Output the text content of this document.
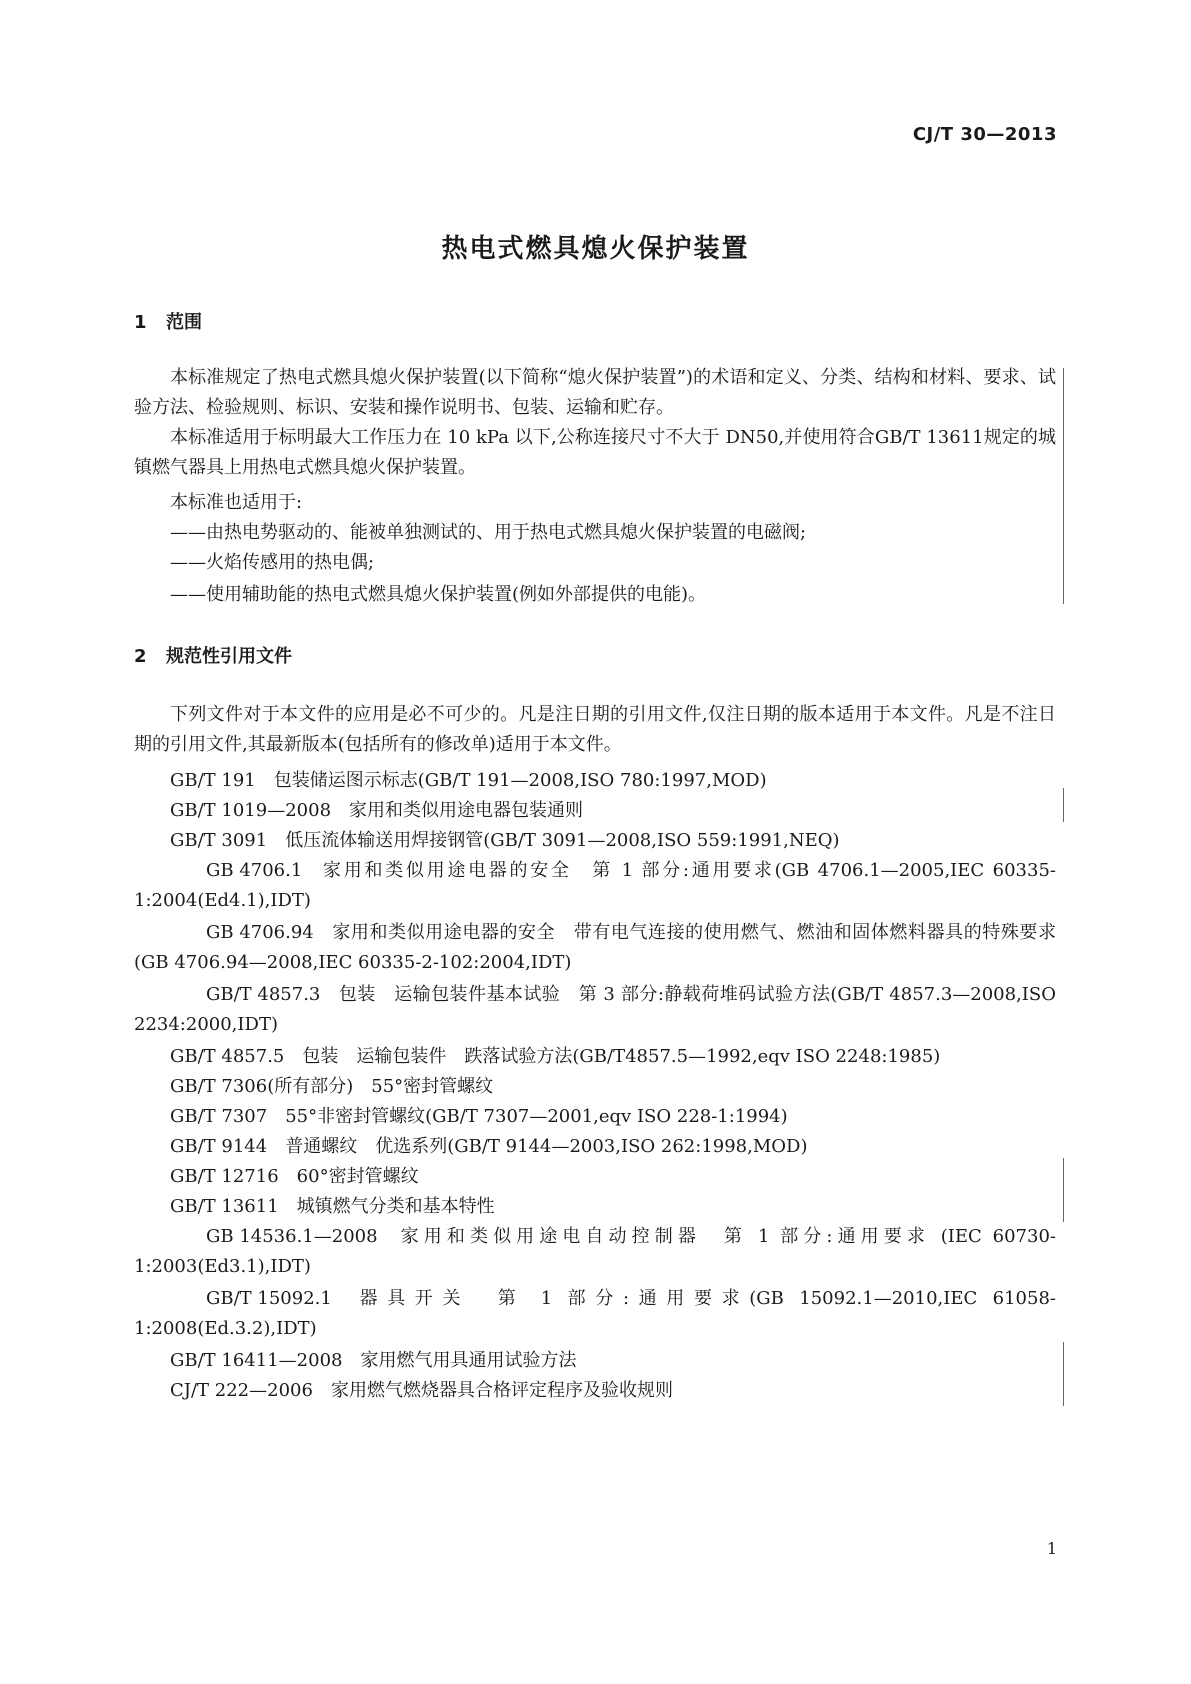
CJ/T 30—2013
热电式燃具熄火保护装置
1 范围
本标准规定了热电式燃具熄火保护装置(以下简称“熄火保护装置”)的术语和定义、分类、结构和材料、要求、试验方法、检验规则、标识、安装和操作说明书、包装、运输和贮存。
本标准适用于标明最大工作压力在 10 kPa 以下,公称连接尺寸不大于 DN50,并使用符合GB/T 13611规定的城镇燃气器具上用热电式燃具熄火保护装置。
本标准也适用于:
——由热电势驱动的、能被单独测试的、用于热电式燃具熄火保护装置的电磁阀;
——火焰传感用的热电偶;
——使用辅助能的热电式燃具熄火保护装置(例如外部提供的电能)。
2 规范性引用文件
下列文件对于本文件的应用是必不可少的。凡是注日期的引用文件,仅注日期的版本适用于本文件。凡是不注日期的引用文件,其最新版本(包括所有的修改单)适用于本文件。
GB/T 191 包装储运图示标志(GB/T 191—2008,ISO 780:1997,MOD)
GB/T 1019—2008 家用和类似用途电器包装通则
GB/T 3091 低压流体输送用焊接钢管(GB/T 3091—2008,ISO 559:1991,NEQ)
GB 4706.1 家用和类似用途电器的安全　第 1 部分:通用要求(GB 4706.1—2005,IEC 60335-1:2004(Ed4.1),IDT)
GB 4706.94 家用和类似用途电器的安全　带有电气连接的使用燃气、燃油和固体燃料器具的特殊要求(GB 4706.94—2008,IEC 60335-2-102:2004,IDT)
GB/T 4857.3 包装　运输包装件基本试验　第 3 部分:静载荷堆码试验方法(GB/T 4857.3—2008,ISO 2234:2000,IDT)
GB/T 4857.5 包装　运输包装件　跌落试验方法(GB/T4857.5—1992,eqv ISO 2248:1985)
GB/T 7306(所有部分) 55°密封管螺纹
GB/T 7307 55°非密封管螺纹(GB/T 7307—2001,eqv ISO 228-1:1994)
GB/T 9144 普通螺纹　优选系列(GB/T 9144—2003,ISO 262:1998,MOD)
GB/T 12716 60°密封管螺纹
GB/T 13611 城镇燃气分类和基本特性
GB 14536.1—2008 家用和类似用途电自动控制器　第 1 部分:通用要求 (IEC 60730-1:2003(Ed3.1),IDT)
GB/T 15092.1 器具开关　第 1 部分:通用要求(GB 15092.1—2010,IEC 61058-1:2008(Ed.3.2),IDT)
GB/T 16411—2008 家用燃气用具通用试验方法
CJ/T 222—2006 家用燃气燃烧器具合格评定程序及验收规则
1
